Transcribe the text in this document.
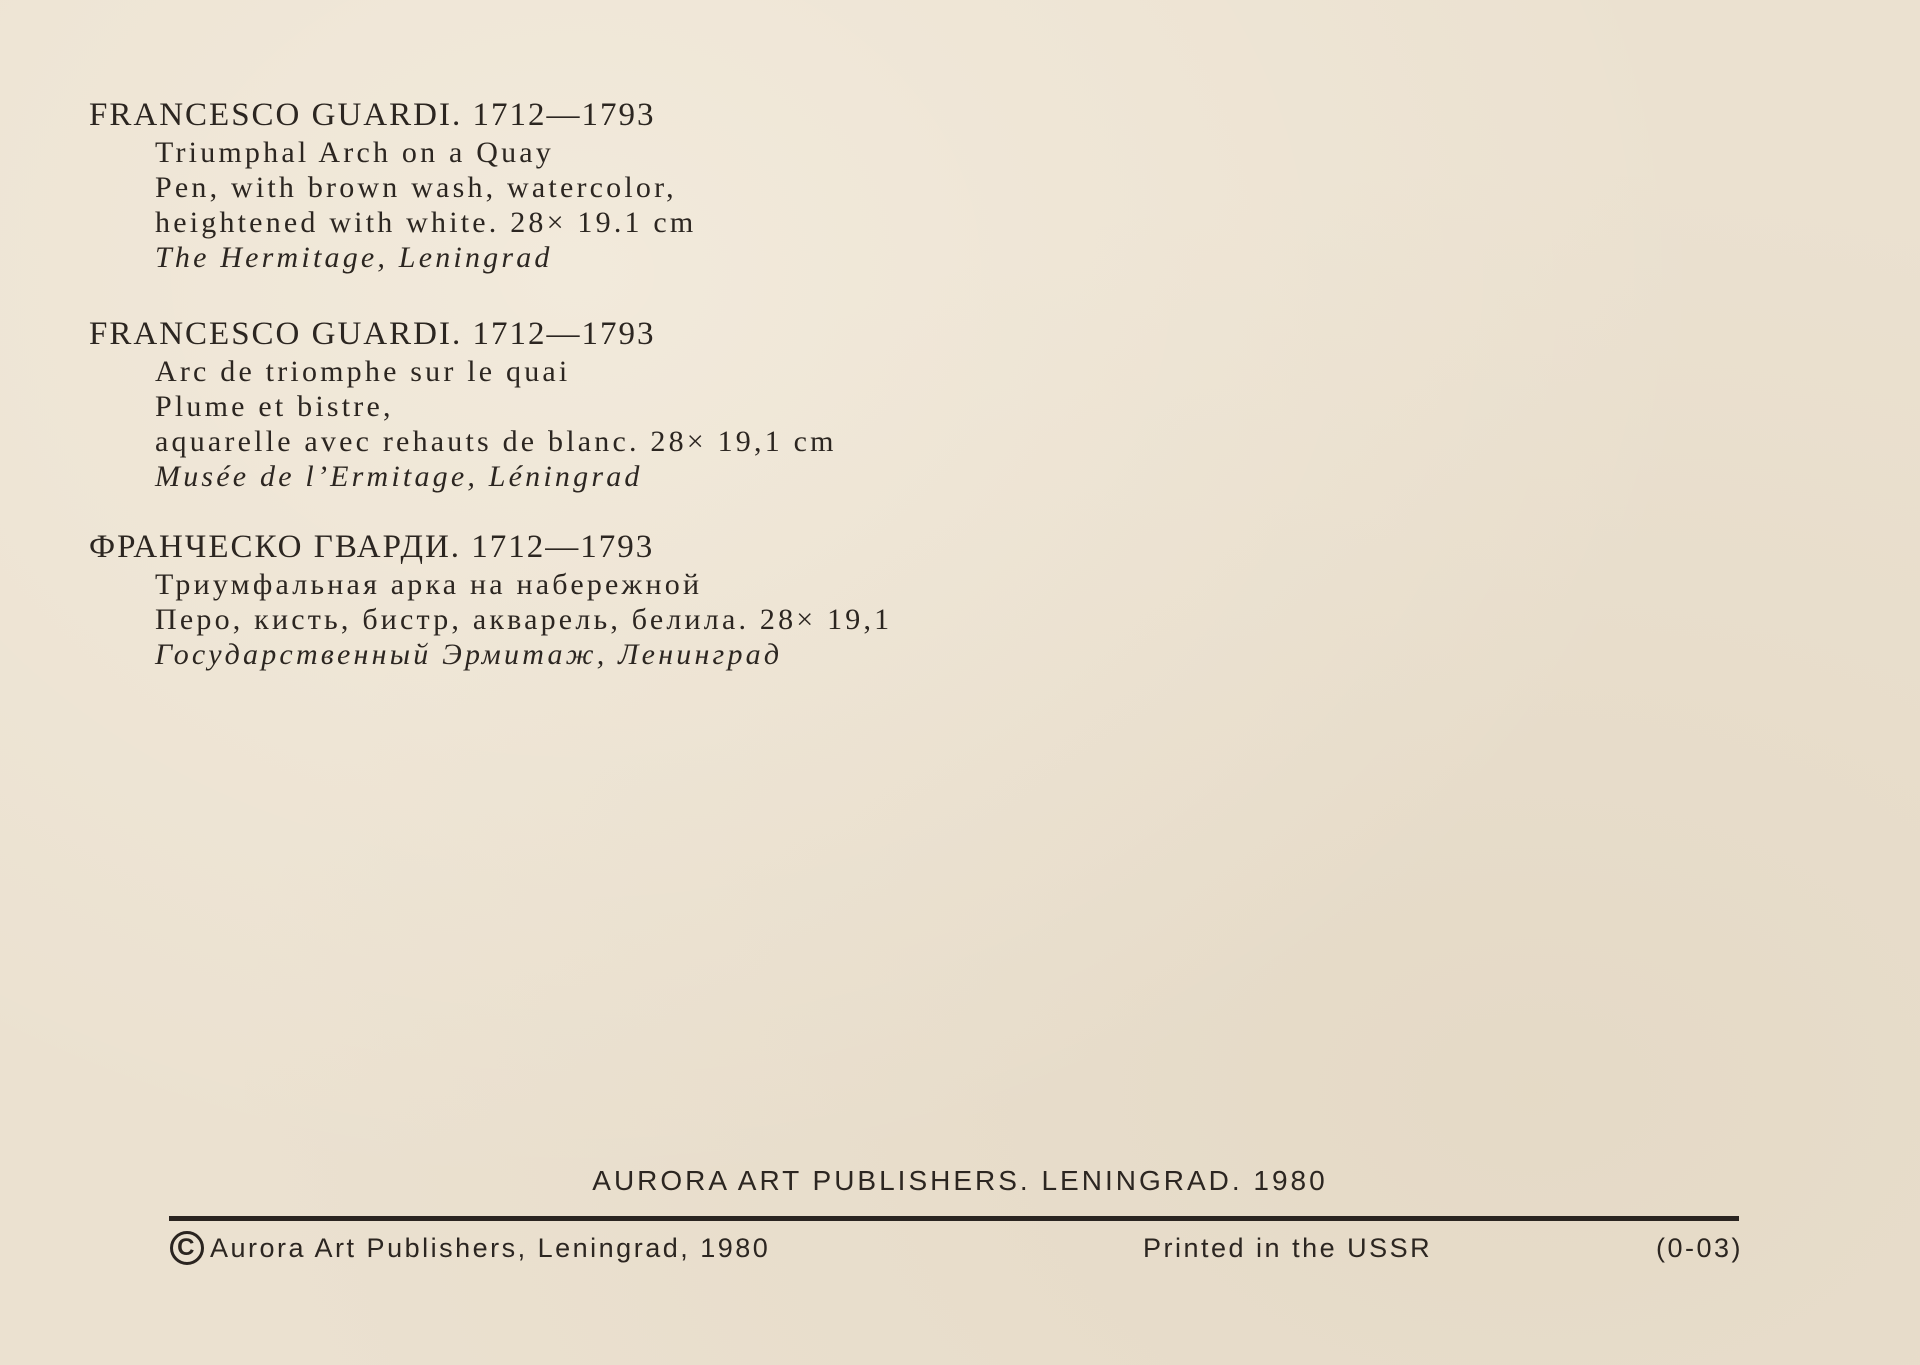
FRANCESCO GUARDI. 1712—1793
Triumphal Arch on a Quay
Pen, with brown wash, watercolor,
heightened with white. 28× 19.1 cm
The Hermitage, Leningrad
FRANCESCO GUARDI. 1712—1793
Arc de triomphe sur le quai
Plume et bistre,
aquarelle avec rehauts de blanc. 28× 19,1 cm
Musée de l’Ermitage, Léningrad
ФРАНЧЕСКО ГВАРДИ. 1712—1793
Триумфальная арка на набережной
Перо, кисть, бистр, акварель, белила. 28× 19,1
Государственный Эрмитаж, Ленинград
AURORA ART PUBLISHERS. LENINGRAD. 1980
C Aurora Art Publishers, Leningrad, 1980	Printed in the USSR	(0-03)
